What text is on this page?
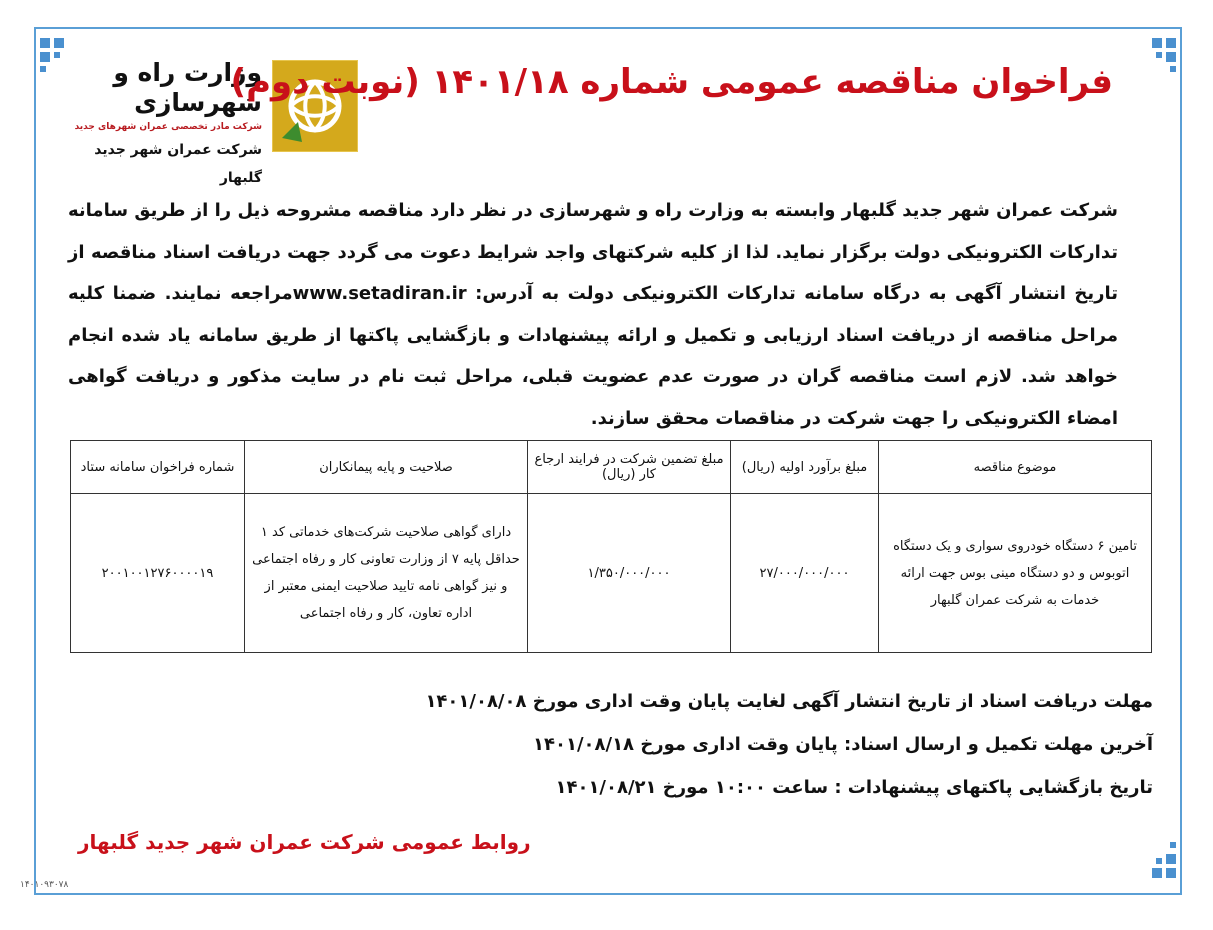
وزارت راه و شهرسازی
شرکت مادر تخصصی عمران شهرهای جدید
شرکت عمران شهر جدید گلبهار
فراخوان مناقصه عمومی شماره ۱۴۰۱/۱۸ (نوبت دوم)

شرکت عمران شهر جدید گلبهار وابسته به وزارت راه و شهرسازی در نظر دارد مناقصه مشروحه ذیل را از طریق سامانه تدارکات الکترونیکی دولت برگزار نماید. لذا از کلیه شرکتهای واجد شرایط دعوت می گردد جهت دریافت اسناد مناقصه از تاریخ انتشار آگهی به درگاه سامانه تدارکات الکترونیکی دولت به آدرس: www.setadiran.irمراجعه نمایند. ضمنا کلیه مراحل مناقصه از دریافت اسناد ارزیابی و تکمیل و ارائه پیشنهادات و بازگشایی پاکتها از طریق سامانه یاد شده انجام خواهد شد. لازم است مناقصه گران در صورت عدم عضویت قبلی، مراحل ثبت نام در سایت مذکور و دریافت گواهی امضاء الکترونیکی را جهت شرکت در مناقصات محقق سازند.

موضوع مناقصه	مبلغ برآورد اولیه (ریال)	مبلغ تضمین شرکت در فرایند ارجاع کار (ریال)	صلاحیت و پایه پیمانکاران	شماره فراخوان سامانه ستاد
تامین ۶ دستگاه خودروی سواری و یک دستگاه اتوبوس و دو دستگاه مینی بوس جهت ارائه خدمات به شرکت عمران گلبهار	۲۷/۰۰۰/۰۰۰/۰۰۰	۱/۳۵۰/۰۰۰/۰۰۰	دارای گواهی صلاحیت شرکت‌های خدماتی کد ۱ حداقل پایه ۷ از وزارت تعاونی کار و رفاه اجتماعی و نیز گواهی نامه تایید صلاحیت ایمنی معتبر از اداره تعاون، کار و رفاه اجتماعی	۲۰۰۱۰۰۱۲۷۶۰۰۰۰۱۹
مهلت دریافت اسناد از تاریخ انتشار آگهی لغایت پایان وقت اداری مورخ ۱۴۰۱/۰۸/۰۸
آخرین مهلت تکمیل و ارسال اسناد: پایان وقت اداری مورخ ۱۴۰۱/۰۸/۱۸
تاریخ بازگشایی پاکتهای پیشنهادات : ساعت ۱۰:۰۰ مورخ ۱۴۰۱/۰۸/۲۱
روابط عمومی شرکت عمران شهر جدید گلبهار
۱۴۰۱۰۹۳۰۷۸
